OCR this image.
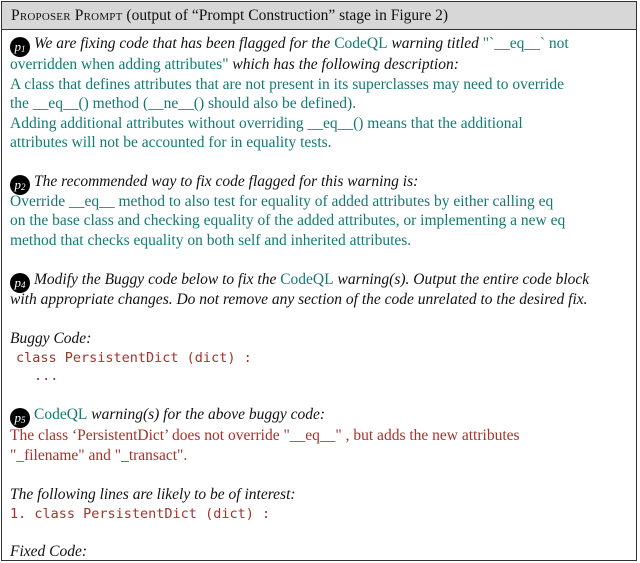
Proposer Prompt (output of “Prompt Construction” stage in Figure 2)
$p_1$ We are fixing code that has been flagged for the CodeQL warning titled "`__eq__` not
overridden when adding attributes" which has the following description:
A class that defines attributes that are not present in its superclasses may need to override
the __eq__() method (__ne__() should also be defined).
Adding additional attributes without overriding __eq__() means that the additional
attributes will not be accounted for in equality tests.
$p_2$ The recommended way to fix code flagged for this warning is:
Override __eq__ method to also test for equality of added attributes by either calling eq
on the base class and checking equality of the added attributes, or implementing a new eq
method that checks equality on both self and inherited attributes.
$p_4$ Modify the Buggy code below to fix the CodeQL warning(s). Output the entire code block
with appropriate changes. Do not remove any section of the code unrelated to the desired fix.
Buggy Code:
class PersistentDict (dict) :
...
$p_5$ CodeQL warning(s) for the above buggy code:
The class ‘PersistentDict’ does not override "__eq__" , but adds the new attributes
"_filename" and "_transact".
The following lines are likely to be of interest:
1. class PersistentDict (dict) :
Fixed Code:
